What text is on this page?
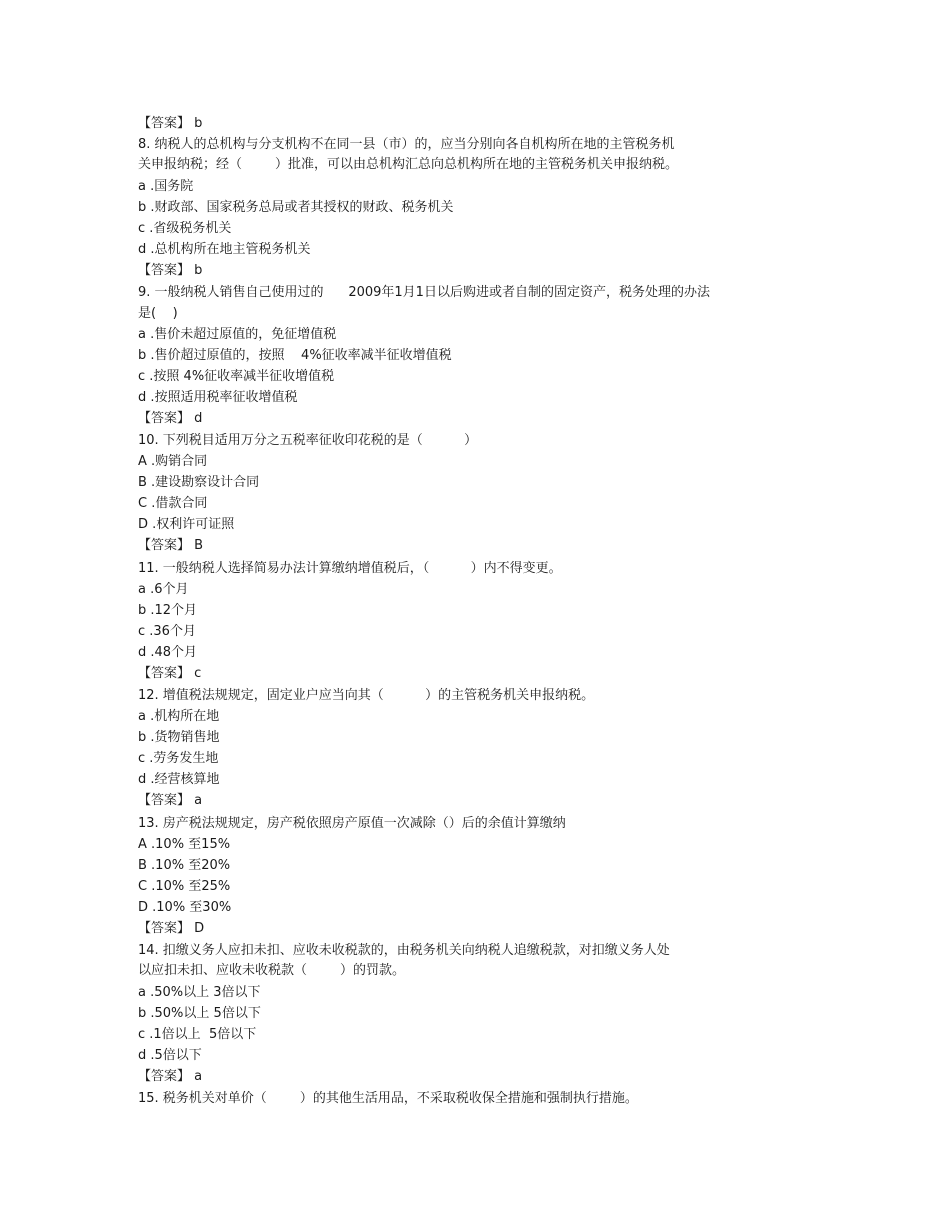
【答案】 b
8. 纳税人的总机构与分支机构不在同一县（市）的，应当分别向各自机构所在地的主管税务机
关申报纳税；经（        ）批准，可以由总机构汇总向总机构所在地的主管税务机关申报纳税。
a .国务院
b .财政部、国家税务总局或者其授权的财政、税务机关
c .省级税务机关
d .总机构所在地主管税务机关
【答案】 b
9. 一般纳税人销售自己使用过的      2009年1月1日以后购进或者自制的固定资产，税务处理的办法
是(    )
a .售价未超过原值的，免征增值税
b .售价超过原值的，按照    4%征收率减半征收增值税
c .按照 4%征收率减半征收增值税
d .按照适用税率征收增值税
【答案】 d
10. 下列税目适用万分之五税率征收印花税的是（          ）
A .购销合同
B .建设勘察设计合同
C .借款合同
D .权利许可证照
【答案】 B
11. 一般纳税人选择简易办法计算缴纳增值税后，（          ）内不得变更。
a .6个月
b .12个月
c .36个月
d .48个月
【答案】 c
12. 增值税法规规定，固定业户应当向其（          ）的主管税务机关申报纳税。
a .机构所在地
b .货物销售地
c .劳务发生地
d .经营核算地
【答案】 a
13. 房产税法规规定，房产税依照房产原值一次减除（）后的余值计算缴纳
A .10% 至15%
B .10% 至20%
C .10% 至25%
D .10% 至30%
【答案】 D
14. 扣缴义务人应扣未扣、应收未收税款的，由税务机关向纳税人追缴税款，对扣缴义务人处
以应扣未扣、应收未收税款（        ）的罚款。
a .50%以上 3倍以下
b .50%以上 5倍以下
c .1倍以上  5倍以下
d .5倍以下
【答案】 a
15. 税务机关对单价（        ）的其他生活用品，不采取税收保全措施和强制执行措施。
